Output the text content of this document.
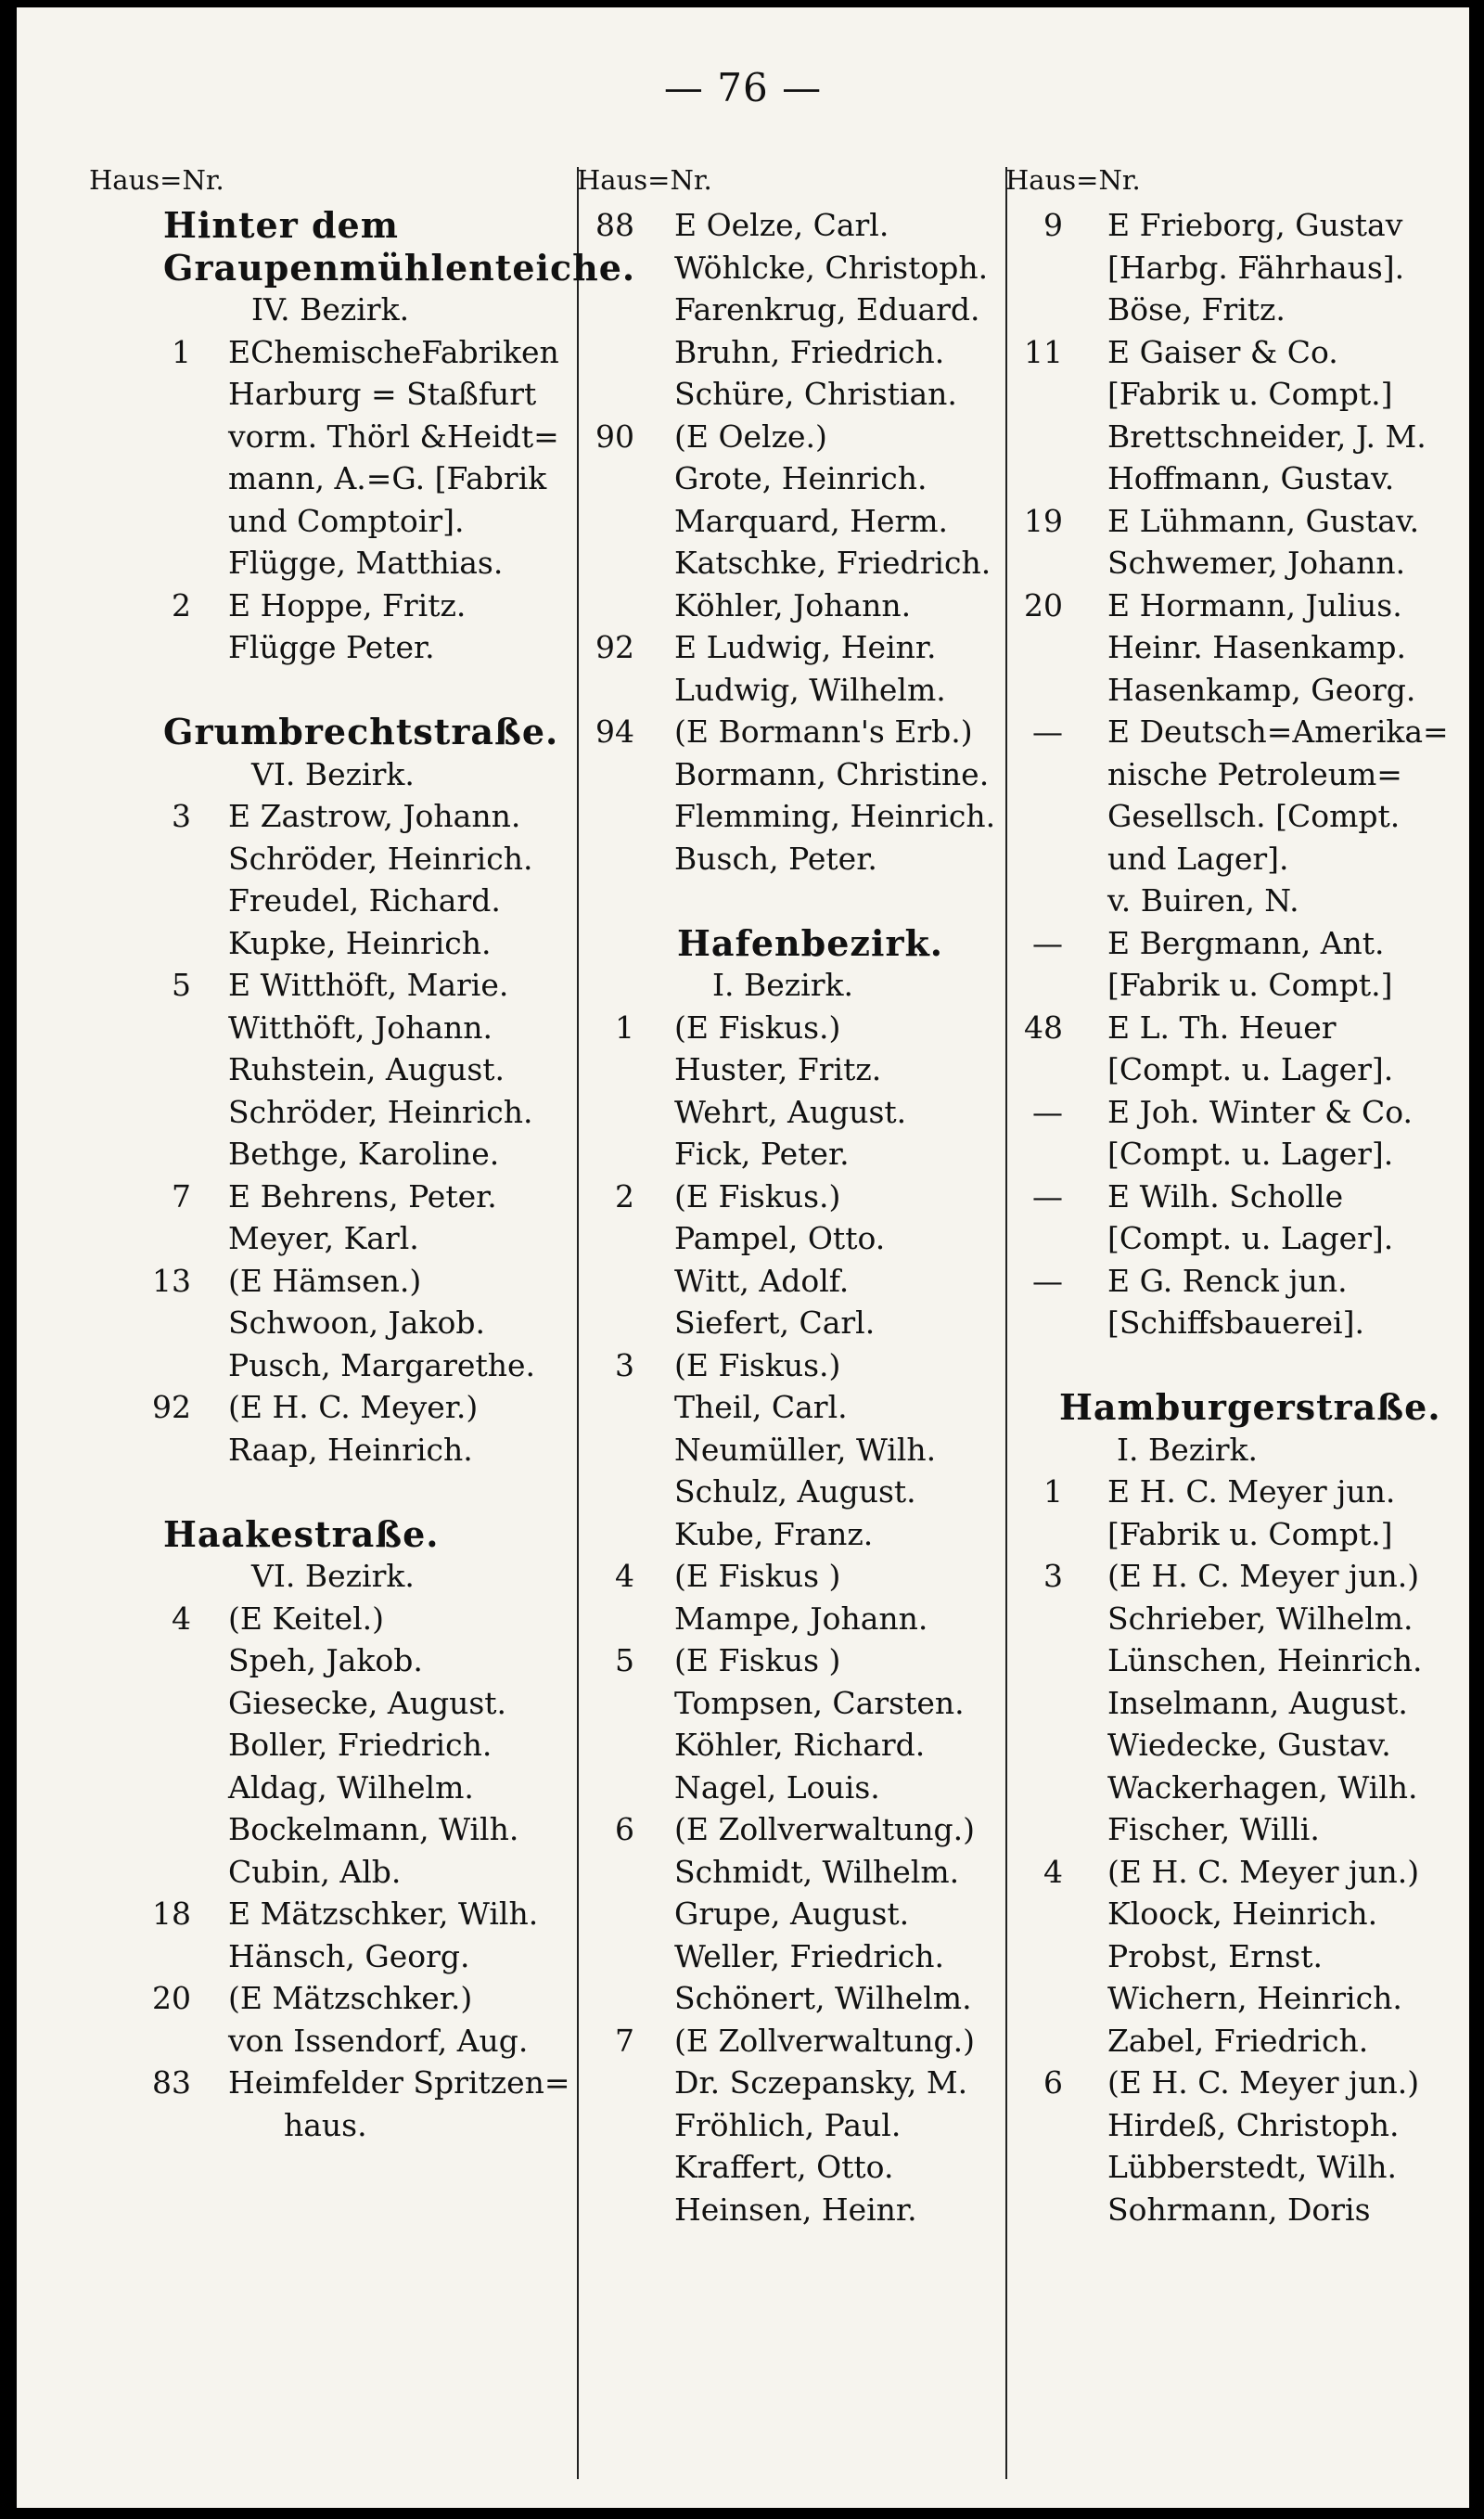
— 76 —
Haus=Nr.
Hinter dem
Graupenmühlenteiche.
IV. Bezirk.
1 EChemischeFabriken
Harburg = Staßfurt
vorm. Thörl &Heidt=
mann, A.=G. [Fabrik
und Comptoir].
Flügge, Matthias.
2 E Hoppe, Fritz.
Flügge Peter.
Grumbrechtstraße.
VI. Bezirk.
3 E Zastrow, Johann.
Schröder, Heinrich.
Freudel, Richard.
Kupke, Heinrich.
5 E Witthöft, Marie.
Witthöft, Johann.
Ruhstein, August.
Schröder, Heinrich.
Bethge, Karoline.
7 E Behrens, Peter.
Meyer, Karl.
13 (E Hämsen.)
Schwoon, Jakob.
Pusch, Margarethe.
92 (E H. C. Meyer.)
Raap, Heinrich.
Haakestraße.
VI. Bezirk.
4 (E Keitel.)
Speh, Jakob.
Giesecke, August.
Boller, Friedrich.
Aldag, Wilhelm.
Bockelmann, Wilh.
Cubin, Alb.
18 E Mätzschker, Wilh.
Hänsch, Georg.
20 (E Mätzschker.)
von Issendorf, Aug.
83 Heimfelder Spritzen=
haus.
Haus=Nr.
88 E Oelze, Carl.
Wöhlcke, Christoph.
Farenkrug, Eduard.
Bruhn, Friedrich.
Schüre, Christian.
90 (E Oelze.)
Grote, Heinrich.
Marquard, Herm.
Katschke, Friedrich.
Köhler, Johann.
92 E Ludwig, Heinr.
Ludwig, Wilhelm.
94 (E Bormann's Erb.)
Bormann, Christine.
Flemming, Heinrich.
Busch, Peter.
Hafenbezirk.
I. Bezirk.
1 (E Fiskus.)
Huster, Fritz.
Wehrt, August.
Fick, Peter.
2 (E Fiskus.)
Pampel, Otto.
Witt, Adolf.
Siefert, Carl.
3 (E Fiskus.)
Theil, Carl.
Neumüller, Wilh.
Schulz, August.
Kube, Franz.
4 (E Fiskus )
Mampe, Johann.
5 (E Fiskus )
Tompsen, Carsten.
Köhler, Richard.
Nagel, Louis.
6 (E Zollverwaltung.)
Schmidt, Wilhelm.
Grupe, August.
Weller, Friedrich.
Schönert, Wilhelm.
7 (E Zollverwaltung.)
Dr. Sczepansky, M.
Fröhlich, Paul.
Kraffert, Otto.
Heinsen, Heinr.
Haus=Nr.
9 E Frieborg, Gustav
[Harbg. Fährhaus].
Böse, Fritz.
11 E Gaiser & Co.
[Fabrik u. Compt.]
Brettschneider, J. M.
Hoffmann, Gustav.
19 E Lühmann, Gustav.
Schwemer, Johann.
20 E Hormann, Julius.
Heinr. Hasenkamp.
Hasenkamp, Georg.
— E Deutsch=Amerika=
nische Petroleum=
Gesellsch. [Compt.
und Lager].
v. Buiren, N.
— E Bergmann, Ant.
[Fabrik u. Compt.]
48 E L. Th. Heuer
[Compt. u. Lager].
— E Joh. Winter & Co.
[Compt. u. Lager].
— E Wilh. Scholle
[Compt. u. Lager].
— E G. Renck jun.
[Schiffsbauerei].
Hamburgerstraße.
I. Bezirk.
1 E H. C. Meyer jun.
[Fabrik u. Compt.]
3 (E H. C. Meyer jun.)
Schrieber, Wilhelm.
Lünschen, Heinrich.
Inselmann, August.
Wiedecke, Gustav.
Wackerhagen, Wilh.
Fischer, Willi.
4 (E H. C. Meyer jun.)
Kloock, Heinrich.
Probst, Ernst.
Wichern, Heinrich.
Zabel, Friedrich.
6 (E H. C. Meyer jun.)
Hirdeß, Christoph.
Lübberstedt, Wilh.
Sohrmann, Doris
